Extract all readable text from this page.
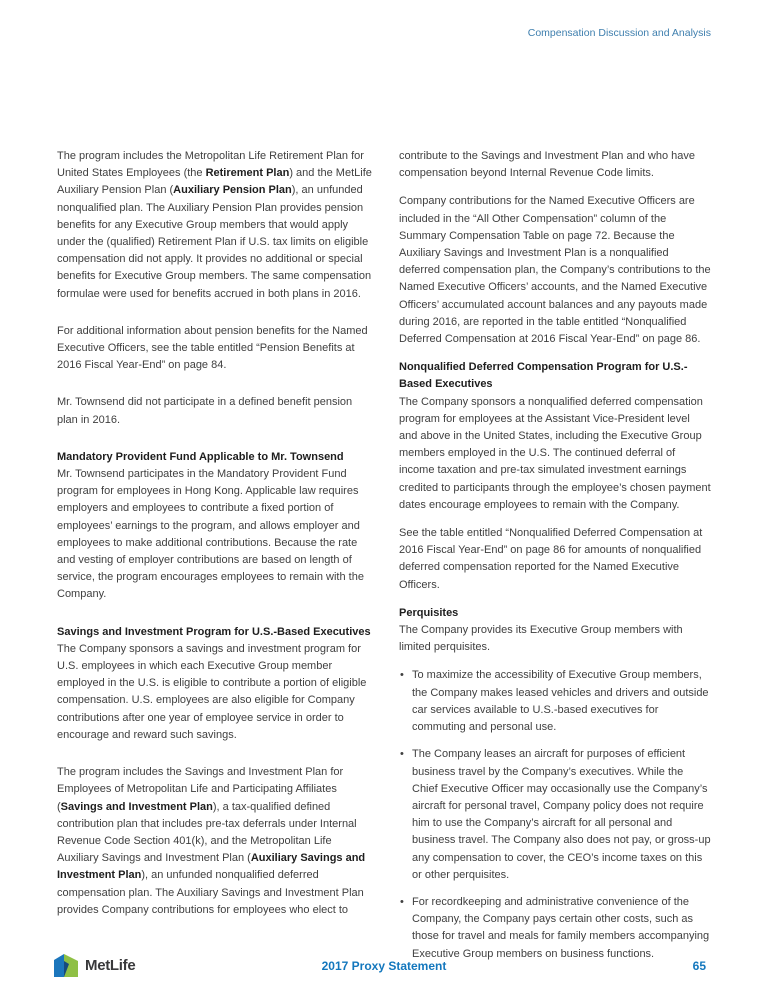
Compensation Discussion and Analysis

The program includes the Metropolitan Life Retirement Plan for United States Employees (the Retirement Plan) and the MetLife Auxiliary Pension Plan (Auxiliary Pension Plan), an unfunded nonqualified plan. The Auxiliary Pension Plan provides pension benefits for any Executive Group members that would apply under the (qualified) Retirement Plan if U.S. tax limits on eligible compensation did not apply. It provides no additional or special benefits for Executive Group members. The same compensation formulae were used for benefits accrued in both plans in 2016.

For additional information about pension benefits for the Named Executive Officers, see the table entitled “Pension Benefits at 2016 Fiscal Year-End” on page 84.

Mr. Townsend did not participate in a defined benefit pension plan in 2016.

Mandatory Provident Fund Applicable to Mr. Townsend

Mr. Townsend participates in the Mandatory Provident Fund program for employees in Hong Kong. Applicable law requires employers and employees to contribute a fixed portion of employees’ earnings to the program, and allows employer and employees to make additional contributions. Because the rate and vesting of employer contributions are based on length of service, the program encourages employees to remain with the Company.

Savings and Investment Program for U.S.-Based Executives

The Company sponsors a savings and investment program for U.S. employees in which each Executive Group member employed in the U.S. is eligible to contribute a portion of eligible compensation. U.S. employees are also eligible for Company contributions after one year of employee service in order to encourage and reward such savings.

The program includes the Savings and Investment Plan for Employees of Metropolitan Life and Participating Affiliates (Savings and Investment Plan), a tax-qualified defined contribution plan that includes pre-tax deferrals under Internal Revenue Code Section 401(k), and the Metropolitan Life Auxiliary Savings and Investment Plan (Auxiliary Savings and Investment Plan), an unfunded nonqualified deferred compensation plan. The Auxiliary Savings and Investment Plan provides Company contributions for employees who elect to

contribute to the Savings and Investment Plan and who have compensation beyond Internal Revenue Code limits.

Company contributions for the Named Executive Officers are included in the “All Other Compensation” column of the Summary Compensation Table on page 72. Because the Auxiliary Savings and Investment Plan is a nonqualified deferred compensation plan, the Company’s contributions to the Named Executive Officers’ accounts, and the Named Executive Officers’ accumulated account balances and any payouts made during 2016, are reported in the table entitled “Nonqualified Deferred Compensation at 2016 Fiscal Year-End” on page 86.

Nonqualified Deferred Compensation Program for U.S.-Based Executives

The Company sponsors a nonqualified deferred compensation program for employees at the Assistant Vice-President level and above in the United States, including the Executive Group members employed in the U.S. The continued deferral of income taxation and pre-tax simulated investment earnings credited to participants through the employee’s chosen payment dates encourage employees to remain with the Company.

See the table entitled “Nonqualified Deferred Compensation at 2016 Fiscal Year-End” on page 86 for amounts of nonqualified deferred compensation reported for the Named Executive Officers.

Perquisites

The Company provides its Executive Group members with limited perquisites.

• To maximize the accessibility of Executive Group members, the Company makes leased vehicles and drivers and outside car services available to U.S.-based executives for commuting and personal use.

• The Company leases an aircraft for purposes of efficient business travel by the Company’s executives. While the Chief Executive Officer may occasionally use the Company’s aircraft for personal travel, Company policy does not require him to use the Company’s aircraft for all personal and business travel. The Company also does not pay, or gross-up any compensation to cover, the CEO’s income taxes on this or other perquisites.

• For recordkeeping and administrative convenience of the Company, the Company pays certain other costs, such as those for travel and meals for family members accompanying Executive Group members on business functions.

MetLife	2017 Proxy Statement	65
